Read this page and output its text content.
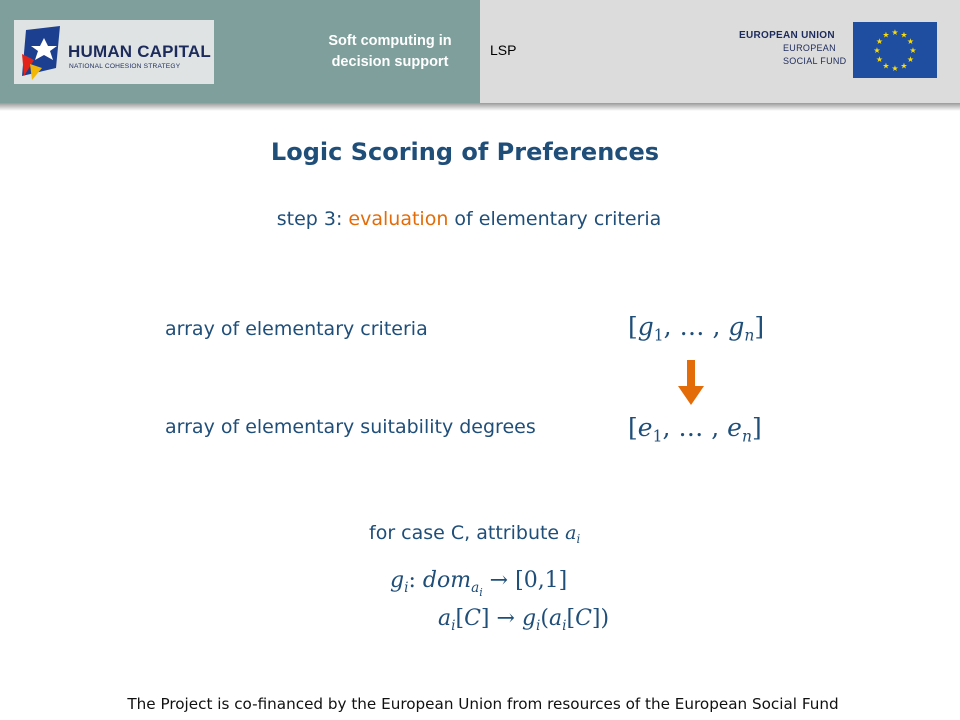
HUMAN CAPITAL
NATIONAL COHESION STRATEGY
Soft computing in decision support
LSP
EUROPEAN UNION
EUROPEAN
SOCIAL FUND
★ ★
★
★
★
★
★
★
★
★
★
★
Logic Scoring of Preferences
step 3: evaluation of elementary criteria
array of elementary criteria	[$g_1$, … , $g_n$]
array of elementary suitability degrees	[$e_1$, … , $e_n$]
for case C, attribute $a_i$
$g_i$: dom$_{a_i}$ → [0,1]
$a_i[C] \to g_i(a_i[C])$
The Project is co-financed by the European Union from resources of the European Social Fund
